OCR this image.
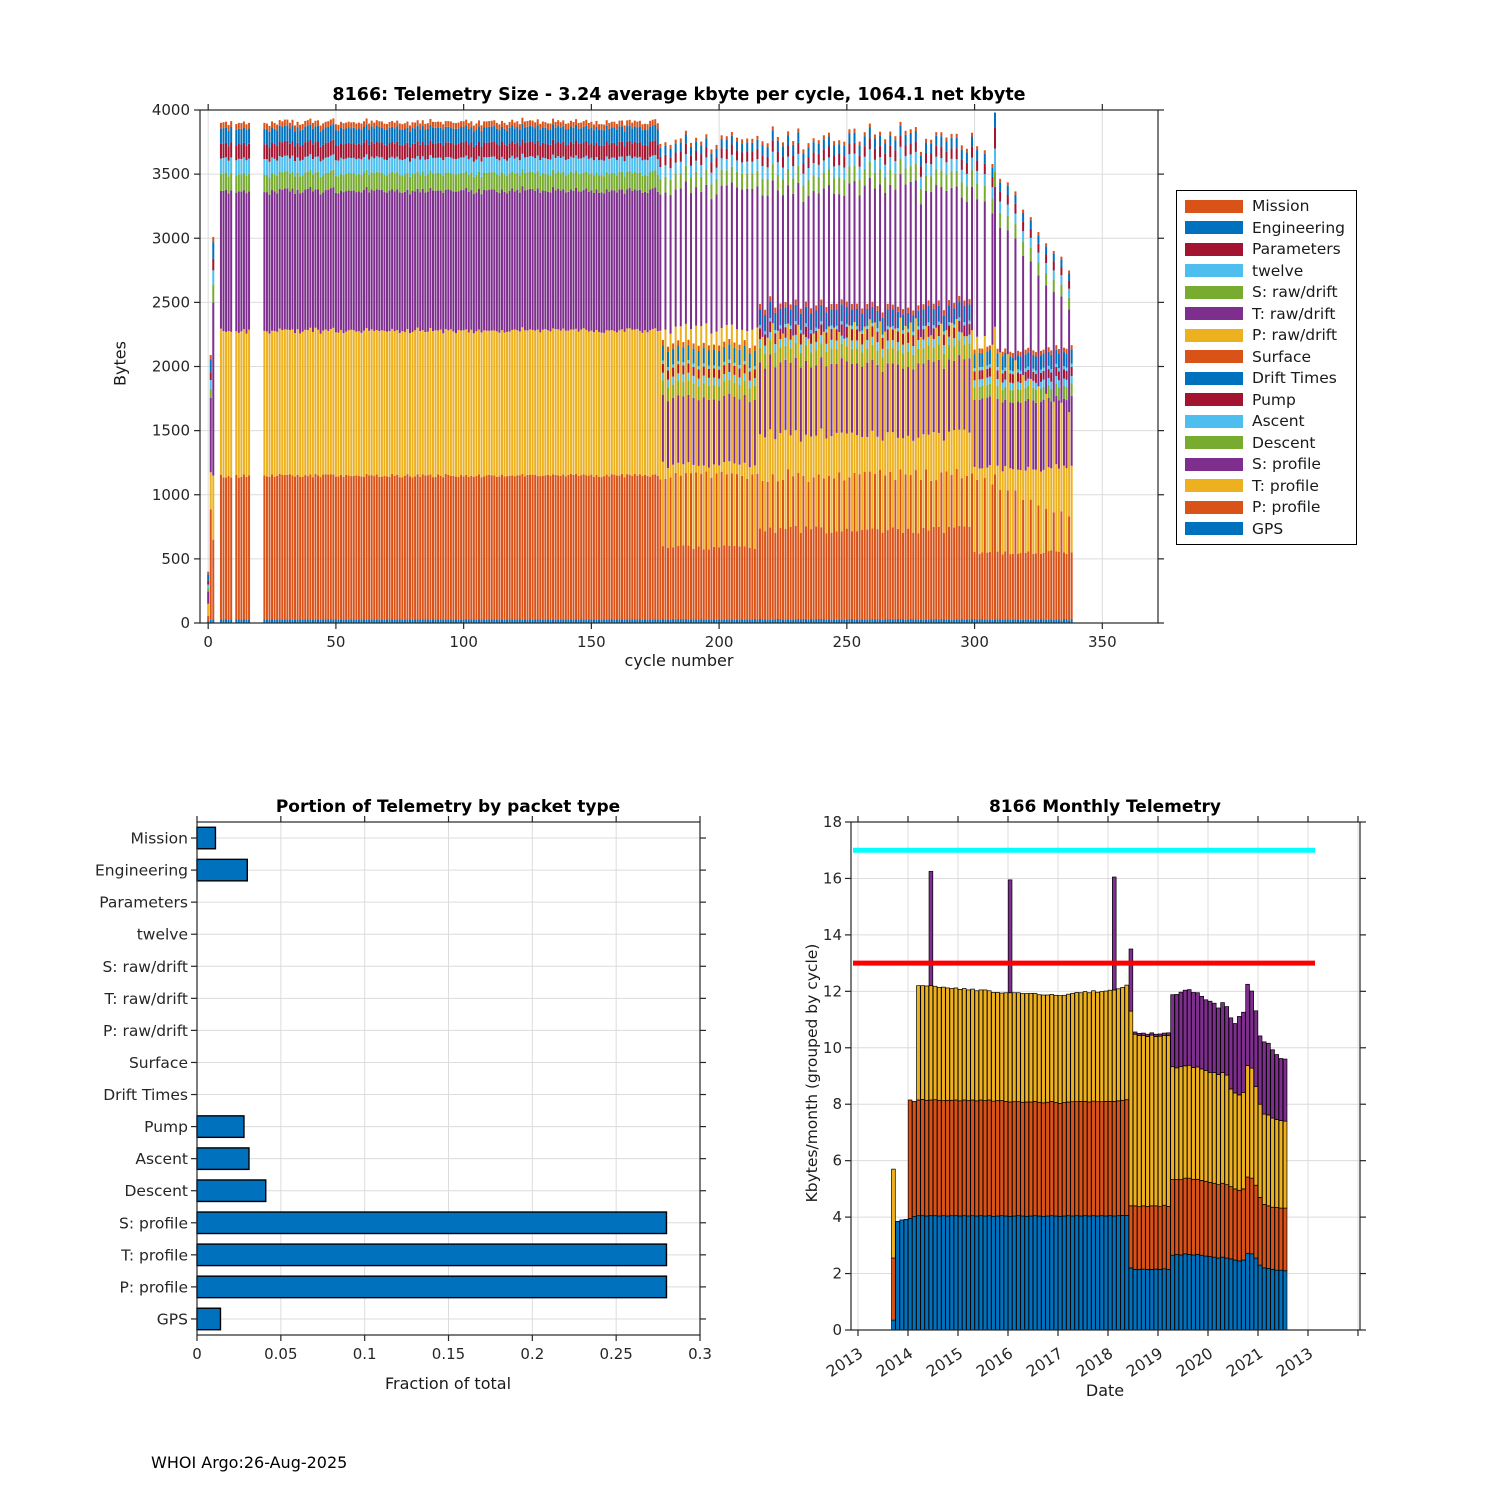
0	50	100	150	200	250	300	350
0
500
1000
1500
2000
2500
3000
3500
4000
0	0.05	0.1	0.15	0.2	0.25	0.3
Mission
Engineering
Parameters
twelve
S: raw/drift
T: raw/drift
P: raw/drift
Surface
Drift Times
Pump
Ascent
Descent
S: profile
T: profile
P: profile
GPS
0
2
4
6
8
10
12
14
16
18
2013 2014 2015 2016 2017 2018 2019 2020 2021 2013
8166: Telemetry Size - 3.24 average kbyte per cycle, 1064.1 net kbyte
cycle number
Bytes
Portion of Telemetry by packet type
Fraction of total
8166 Monthly Telemetry
Date
Kbytes/month (grouped by cycle)
Mission
Engineering
Parameters
twelve
S: raw/drift
T: raw/drift
P: raw/drift
Surface
Drift Times
Pump
Ascent
Descent
S: profile
T: profile
P: profile
GPS
WHOI Argo:26-Aug-2025
